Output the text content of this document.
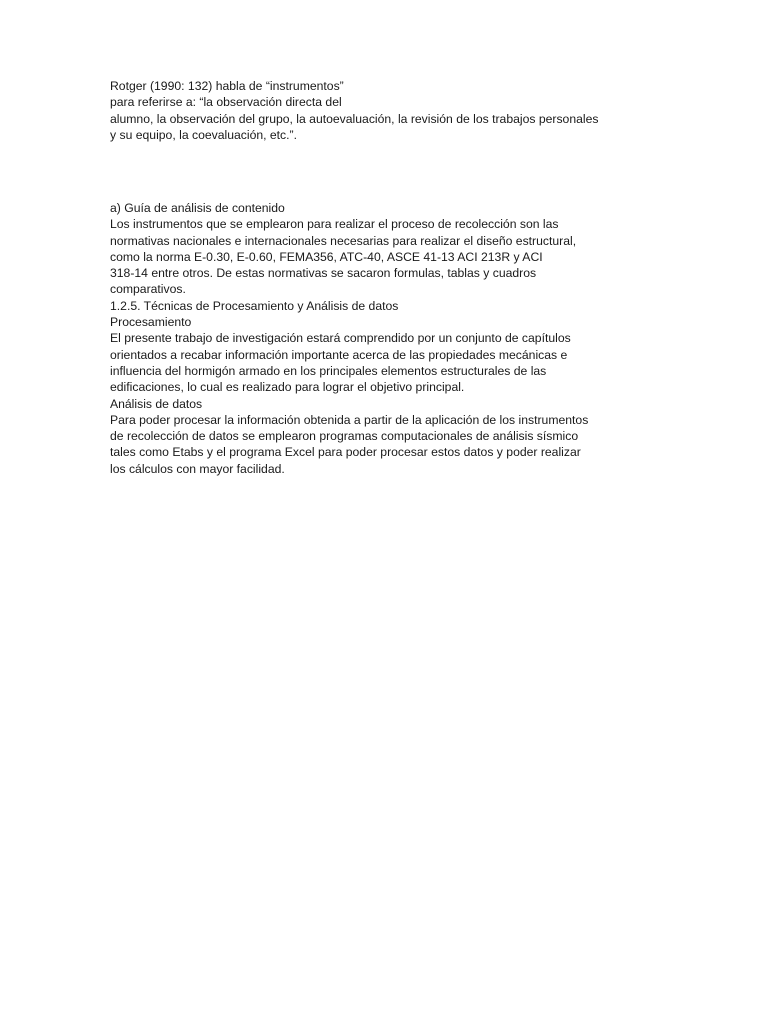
Rotger (1990: 132) habla de “instrumentos”
para referirse a: “la observación directa del
alumno, la observación del grupo, la autoevaluación, la revisión de los trabajos personales
y su equipo, la coevaluación, etc.”.
a) Guía de análisis de contenido
Los instrumentos que se emplearon para realizar el proceso de recolección son las
normativas nacionales e internacionales necesarias para realizar el diseño estructural,
como la norma E-0.30, E-0.60, FEMA356, ATC-40, ASCE 41-13 ACI 213R y ACI
318-14 entre otros. De estas normativas se sacaron formulas, tablas y cuadros
comparativos.
1.2.5. Técnicas de Procesamiento y Análisis de datos
Procesamiento
El presente trabajo de investigación estará comprendido por un conjunto de capítulos
orientados a recabar información importante acerca de las propiedades mecánicas e
influencia del hormigón armado en los principales elementos estructurales de las
edificaciones, lo cual es realizado para lograr el objetivo principal.
Análisis de datos
Para poder procesar la información obtenida a partir de la aplicación de los instrumentos
de recolección de datos se emplearon programas computacionales de análisis sísmico
tales como Etabs y el programa Excel para poder procesar estos datos y poder realizar
los cálculos con mayor facilidad.
